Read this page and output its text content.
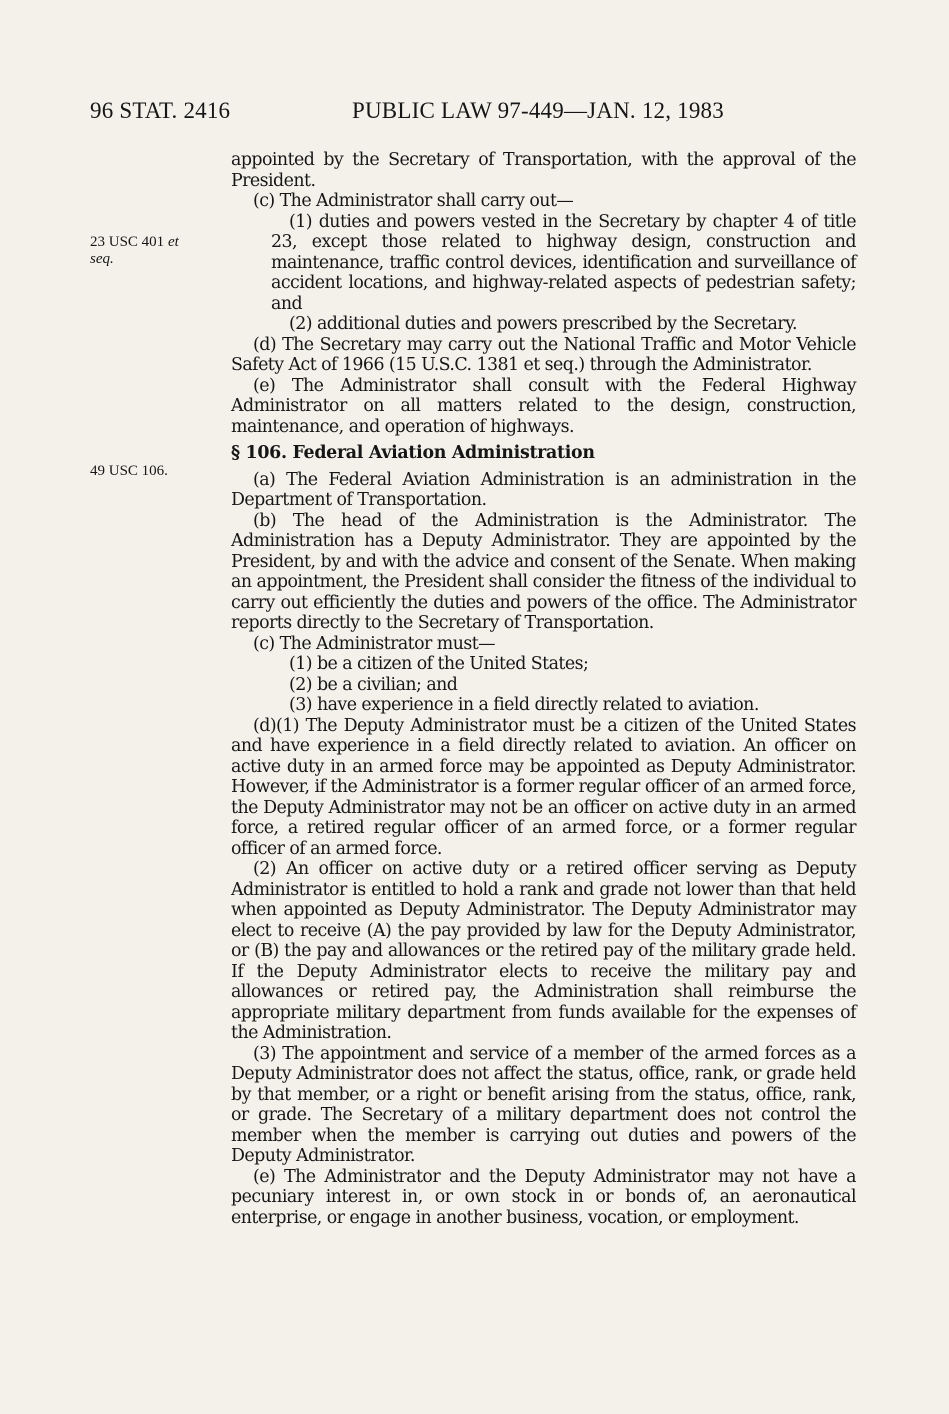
96 STAT. 2416	PUBLIC LAW 97-449—JAN. 12, 1983
23 USC 401 et
seq.
49 USC 106.

appointed by the Secretary of Transportation, with the approval of the President.

(c) The Administrator shall carry out—

(1) duties and powers vested in the Secretary by chapter 4 of title 23, except those related to highway design, construction and maintenance, traffic control devices, identification and surveillance of accident locations, and highway-related aspects of pedestrian safety; and

(2) additional duties and powers prescribed by the Secretary.

(d) The Secretary may carry out the National Traffic and Motor Vehicle Safety Act of 1966 (15 U.S.C. 1381 et seq.) through the Administrator.

(e) The Administrator shall consult with the Federal Highway Administrator on all matters related to the design, construction, maintenance, and operation of highways.

§ 106. Federal Aviation Administration

(a) The Federal Aviation Administration is an administration in the Department of Transportation.

(b) The head of the Administration is the Administrator. The Administration has a Deputy Administrator. They are appointed by the President, by and with the advice and consent of the Senate. When making an appointment, the President shall consider the fitness of the individual to carry out efficiently the duties and powers of the office. The Administrator reports directly to the Secretary of Transportation.

(c) The Administrator must—

(1) be a citizen of the United States;

(2) be a civilian; and

(3) have experience in a field directly related to aviation.

(d)(1) The Deputy Administrator must be a citizen of the United States and have experience in a field directly related to aviation. An officer on active duty in an armed force may be appointed as Deputy Administrator. However, if the Administrator is a former regular officer of an armed force, the Deputy Administrator may not be an officer on active duty in an armed force, a retired regular officer of an armed force, or a former regular officer of an armed force.

(2) An officer on active duty or a retired officer serving as Deputy Administrator is entitled to hold a rank and grade not lower than that held when appointed as Deputy Administrator. The Deputy Administrator may elect to receive (A) the pay provided by law for the Deputy Administrator, or (B) the pay and allowances or the retired pay of the military grade held. If the Deputy Administrator elects to receive the military pay and allowances or retired pay, the Administration shall reimburse the appropriate military department from funds available for the expenses of the Administration.

(3) The appointment and service of a member of the armed forces as a Deputy Administrator does not affect the status, office, rank, or grade held by that member, or a right or benefit arising from the status, office, rank, or grade. The Secretary of a military department does not control the member when the member is carrying out duties and powers of the Deputy Administrator.

(e) The Administrator and the Deputy Administrator may not have a pecuniary interest in, or own stock in or bonds of, an aeronautical enterprise, or engage in another business, vocation, or employment.
